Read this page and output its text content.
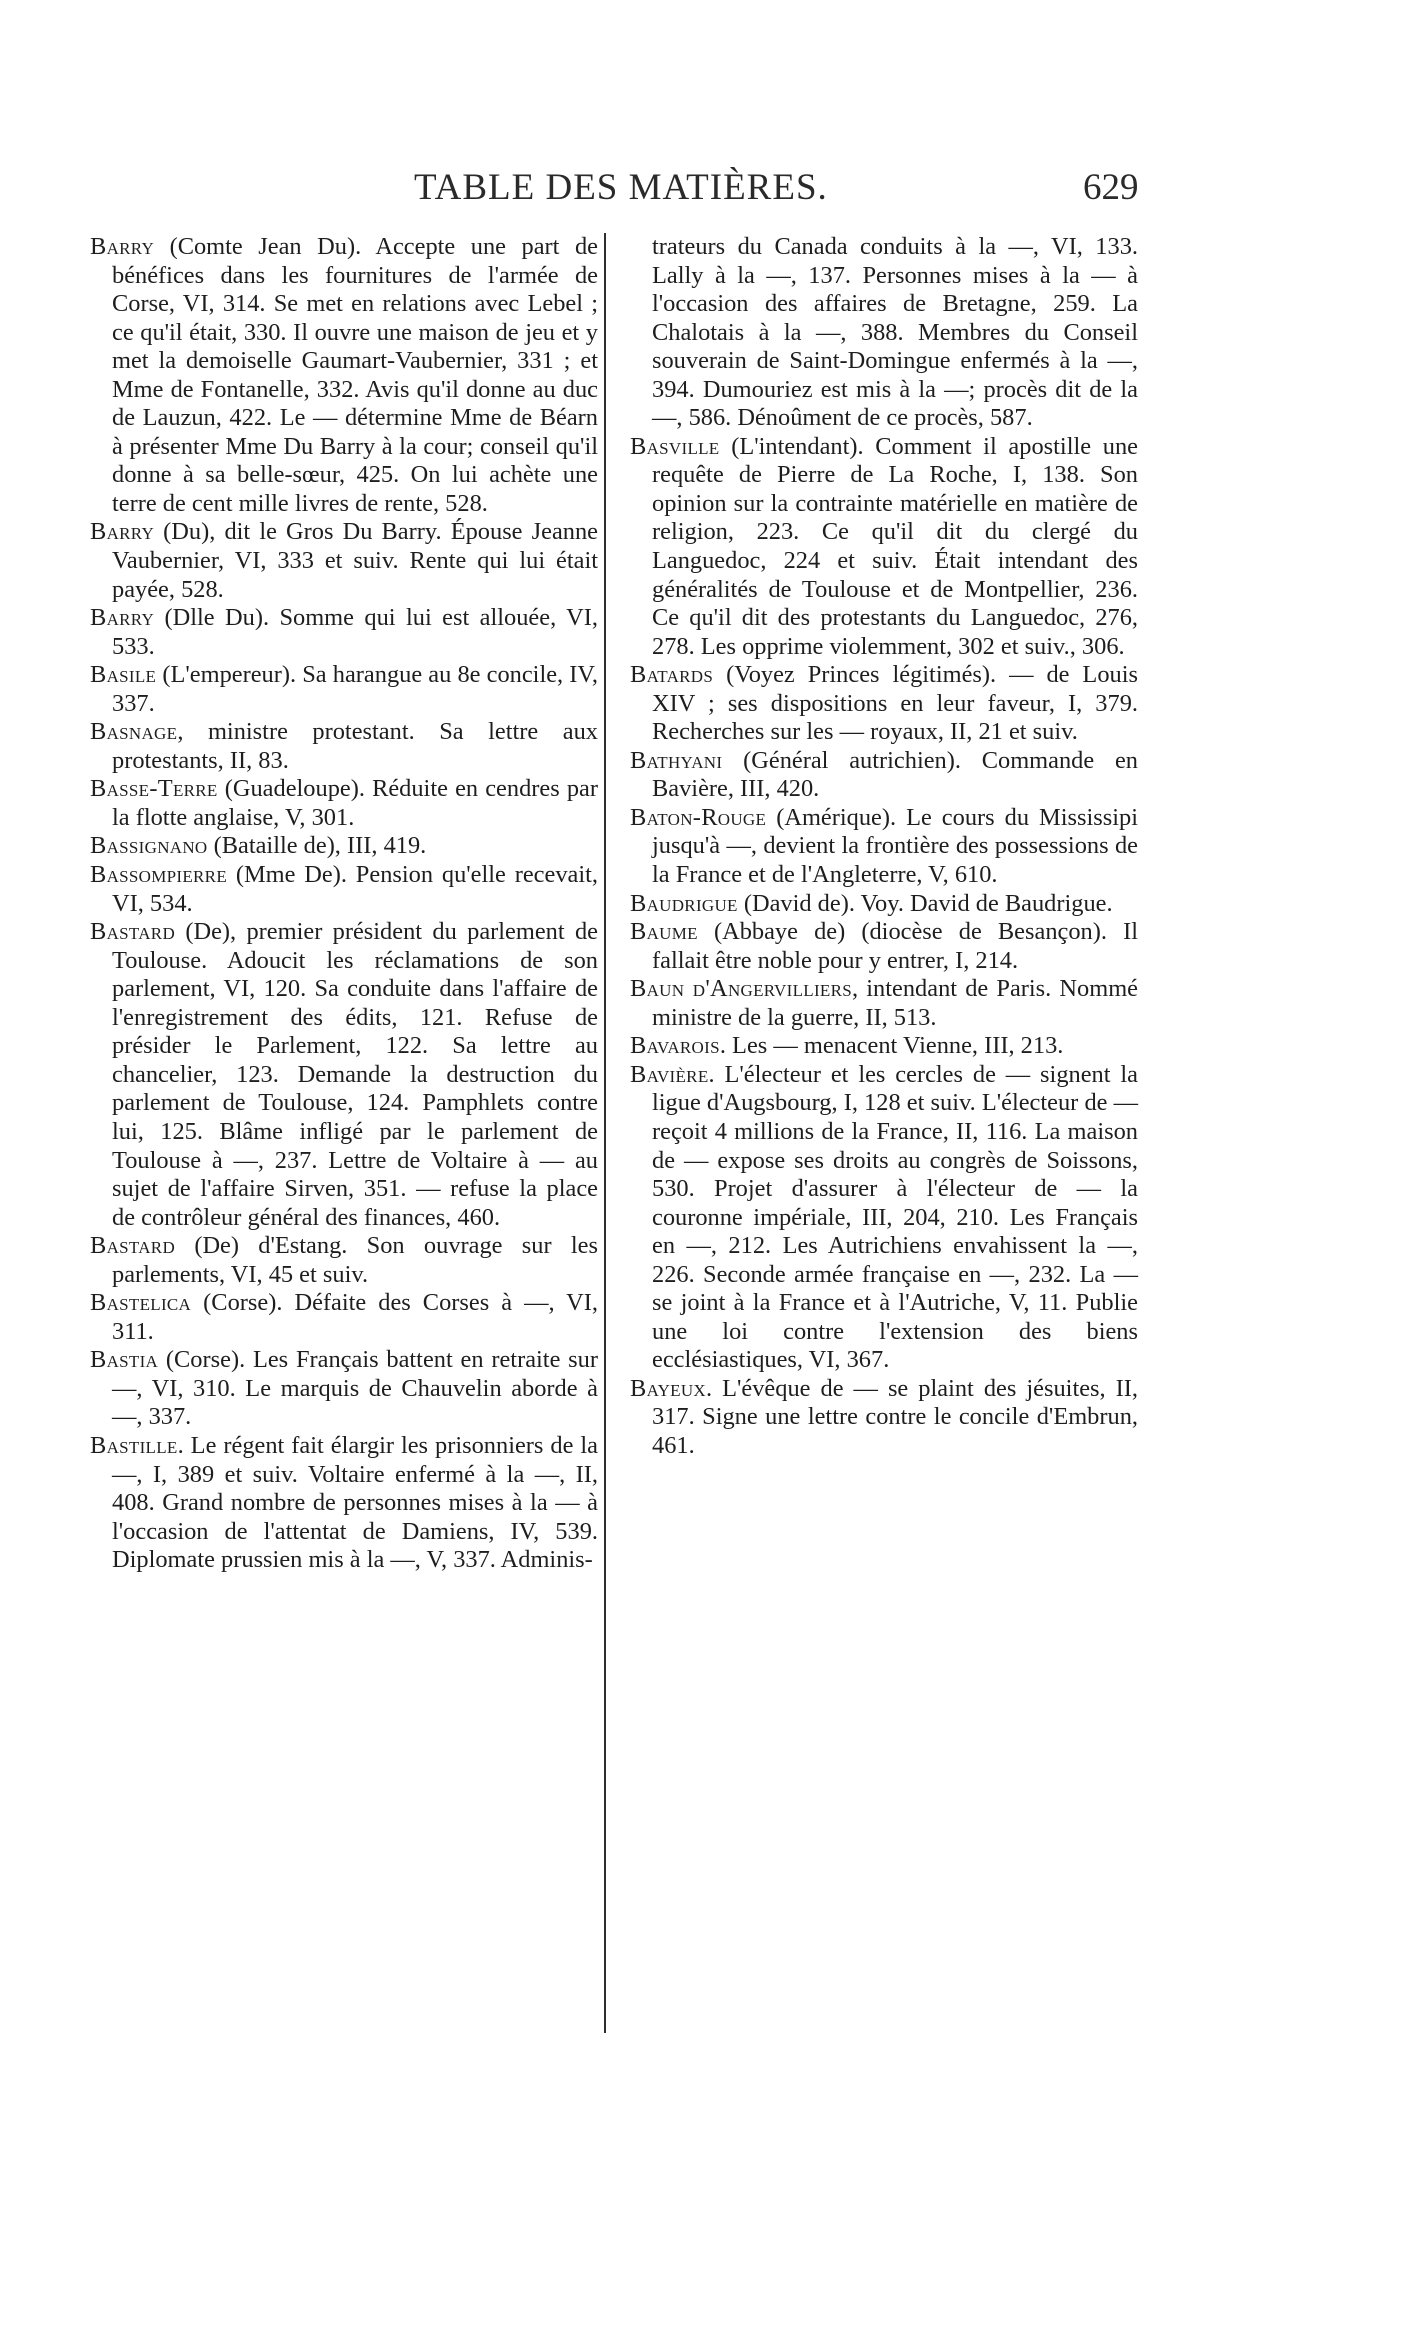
TABLE DES MATIÈRES.	629

Barry (Comte Jean Du). Accepte une part de bénéfices dans les fournitures de l'armée de Corse, VI, 314. Se met en relations avec Lebel ; ce qu'il était, 330. Il ouvre une maison de jeu et y met la demoiselle Gaumart-Vaubernier, 331 ; et Mme de Fontanelle, 332. Avis qu'il donne au duc de Lauzun, 422. Le — détermine Mme de Béarn à présenter Mme Du Barry à la cour; conseil qu'il donne à sa belle-sœur, 425. On lui achète une terre de cent mille livres de rente, 528.

Barry (Du), dit le Gros Du Barry. Épouse Jeanne Vaubernier, VI, 333 et suiv. Rente qui lui était payée, 528.

Barry (Dlle Du). Somme qui lui est allouée, VI, 533.

Basile (L'empereur). Sa harangue au 8e concile, IV, 337.

Basnage, ministre protestant. Sa lettre aux protestants, II, 83.

Basse-Terre (Guadeloupe). Réduite en cendres par la flotte anglaise, V, 301.

Bassignano (Bataille de), III, 419.

Bassompierre (Mme De). Pension qu'elle recevait, VI, 534.

Bastard (De), premier président du parlement de Toulouse. Adoucit les réclamations de son parlement, VI, 120. Sa conduite dans l'affaire de l'enregistrement des édits, 121. Refuse de présider le Parlement, 122. Sa lettre au chancelier, 123. Demande la destruction du parlement de Toulouse, 124. Pamphlets contre lui, 125. Blâme infligé par le parlement de Toulouse à —, 237. Lettre de Voltaire à — au sujet de l'affaire Sirven, 351. — refuse la place de contrôleur général des finances, 460.

Bastard (De) d'Estang. Son ouvrage sur les parlements, VI, 45 et suiv.

Bastelica (Corse). Défaite des Corses à —, VI, 311.

Bastia (Corse). Les Français battent en retraite sur —, VI, 310. Le marquis de Chauvelin aborde à —, 337.

Bastille. Le régent fait élargir les prisonniers de la —, I, 389 et suiv. Voltaire enfermé à la —, II, 408. Grand nombre de personnes mises à la — à l'occasion de l'attentat de Damiens, IV, 539. Diplomate prussien mis à la —, V, 337. Adminis-

trateurs du Canada conduits à la —, VI, 133. Lally à la —, 137. Personnes mises à la — à l'occasion des affaires de Bretagne, 259. La Chalotais à la —, 388. Membres du Conseil souverain de Saint-Domingue enfermés à la —, 394. Dumouriez est mis à la —; procès dit de la —, 586. Dénoûment de ce procès, 587.

Basville (L'intendant). Comment il apostille une requête de Pierre de La Roche, I, 138. Son opinion sur la contrainte matérielle en matière de religion, 223. Ce qu'il dit du clergé du Languedoc, 224 et suiv. Était intendant des généralités de Toulouse et de Montpellier, 236. Ce qu'il dit des protestants du Languedoc, 276, 278. Les opprime violemment, 302 et suiv., 306.

Batards (Voyez Princes légitimés). — de Louis XIV ; ses dispositions en leur faveur, I, 379. Recherches sur les — royaux, II, 21 et suiv.

Bathyani (Général autrichien). Commande en Bavière, III, 420.

Baton-Rouge (Amérique). Le cours du Mississipi jusqu'à —, devient la frontière des possessions de la France et de l'Angleterre, V, 610.

Baudrigue (David de). Voy. David de Baudrigue.

Baume (Abbaye de) (diocèse de Besançon). Il fallait être noble pour y entrer, I, 214.

Baun d'Angervilliers, intendant de Paris. Nommé ministre de la guerre, II, 513.

Bavarois. Les — menacent Vienne, III, 213.

Bavière. L'électeur et les cercles de — signent la ligue d'Augsbourg, I, 128 et suiv. L'électeur de — reçoit 4 millions de la France, II, 116. La maison de — expose ses droits au congrès de Soissons, 530. Projet d'assurer à l'électeur de — la couronne impériale, III, 204, 210. Les Français en —, 212. Les Autrichiens envahissent la —, 226. Seconde armée française en —, 232. La — se joint à la France et à l'Autriche, V, 11. Publie une loi contre l'extension des biens ecclésiastiques, VI, 367.

Bayeux. L'évêque de — se plaint des jésuites, II, 317. Signe une lettre contre le concile d'Embrun, 461.
